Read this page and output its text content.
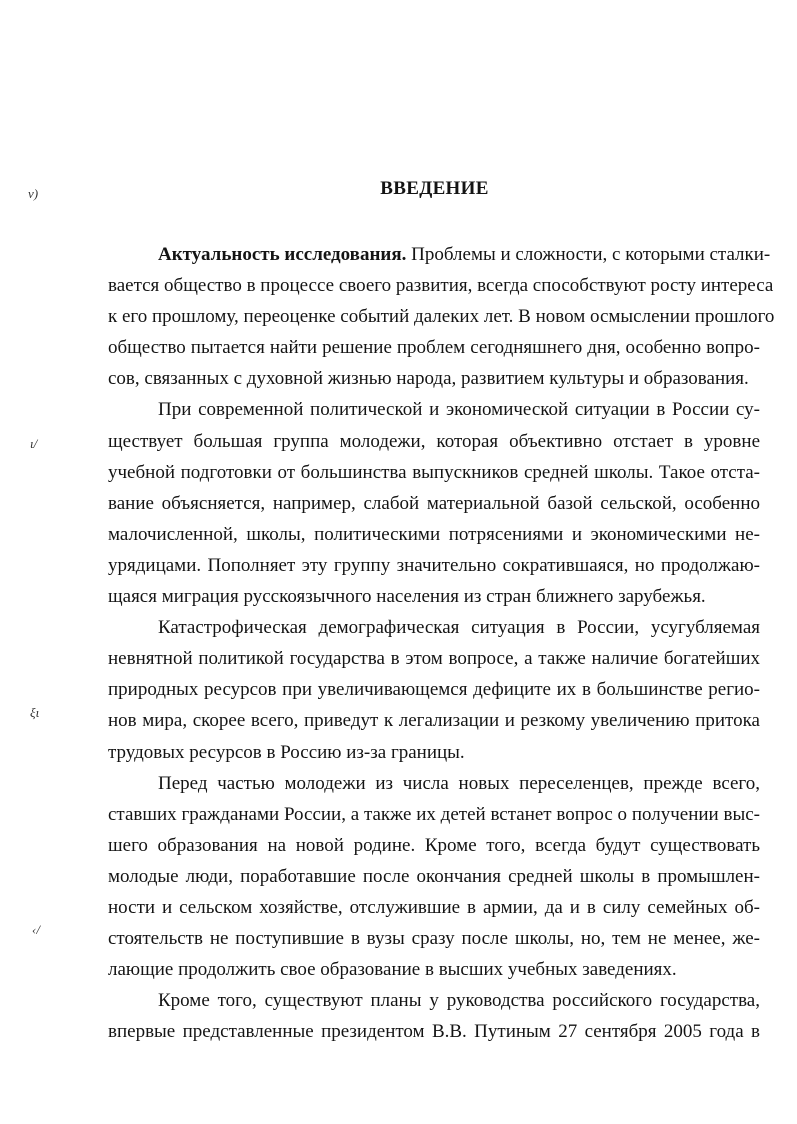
ν)
ι/
ξι
‹/
ВВЕДЕНИЕ
Актуальность исследования. Проблемы и сложности, с которыми сталки-
вается общество в процессе своего развития, всегда способствуют росту интереса
к его прошлому, переоценке событий далеких лет. В новом осмыслении прошлого
общество пытается найти решение проблем сегодняшнего дня, особенно вопро-
сов, связанных с духовной жизнью народа, развитием культуры и образования.
При современной политической и экономической ситуации в России су-
ществует большая группа молодежи, которая объективно отстает в уровне
учебной подготовки от большинства выпускников средней школы. Такое отста-
вание объясняется, например, слабой материальной базой сельской, особенно
малочисленной, школы, политическими потрясениями и экономическими не-
урядицами. Пополняет эту группу значительно сократившаяся, но продолжаю-
щаяся миграция русскоязычного населения из стран ближнего зарубежья.
Катастрофическая демографическая ситуация в России, усугубляемая
невнятной политикой государства в этом вопросе, а также наличие богатейших
природных ресурсов при увеличивающемся дефиците их в большинстве регио-
нов мира, скорее всего, приведут к легализации и резкому увеличению притока
трудовых ресурсов в Россию из-за границы.
Перед частью молодежи из числа новых переселенцев, прежде всего,
ставших гражданами России, а также их детей встанет вопрос о получении выс-
шего образования на новой родине. Кроме того, всегда будут существовать
молодые люди, поработавшие после окончания средней школы в промышлен-
ности и сельском хозяйстве, отслужившие в армии, да и в силу семейных об-
стоятельств не поступившие в вузы сразу после школы, но, тем не менее, же-
лающие продолжить свое образование в высших учебных заведениях.
Кроме того, существуют планы у руководства российского государства,
впервые представленные президентом В.В. Путиным 27 сентября 2005 года в
